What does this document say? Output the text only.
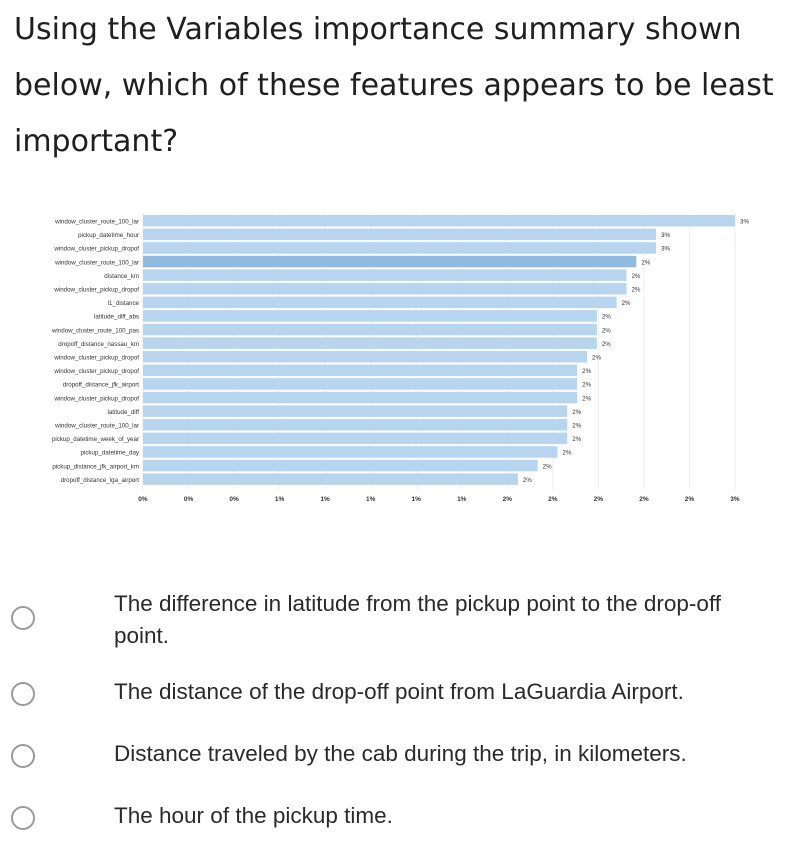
Using the Variables importance summary shown below, which of these features appears to be least important?
window_cluster_route_100_lar	3%
pickup_datetime_hour	3%
window_cluster_pickup_dropof	3%
window_cluster_route_100_lar	2%
distance_km	2%
window_cluster_pickup_dropof	2%
l1_distance	2%
latitude_diff_abs	2%
window_cluster_route_100_pas	2%
dropoff_distance_nassau_km	2%
window_cluster_pickup_dropof	2%
window_cluster_pickup_dropof	2%
dropoff_distance_jfk_airport	2%
window_cluster_pickup_dropof	2%
latitude_diff	2%
window_cluster_route_100_lar	2%
pickup_datetime_week_of_year	2%
pickup_datetime_day	2%
pickup_distance_jfk_airport_km	2%
dropoff_distance_lga_airport	2%
0%	0%	0%	1%	1%	1%	1%	1%	2%	2%	2%	2%	2%	3%
The difference in latitude from the pickup point to the drop-off point.
The distance of the drop-off point from LaGuardia Airport.
Distance traveled by the cab during the trip, in kilometers.
The hour of the pickup time.
